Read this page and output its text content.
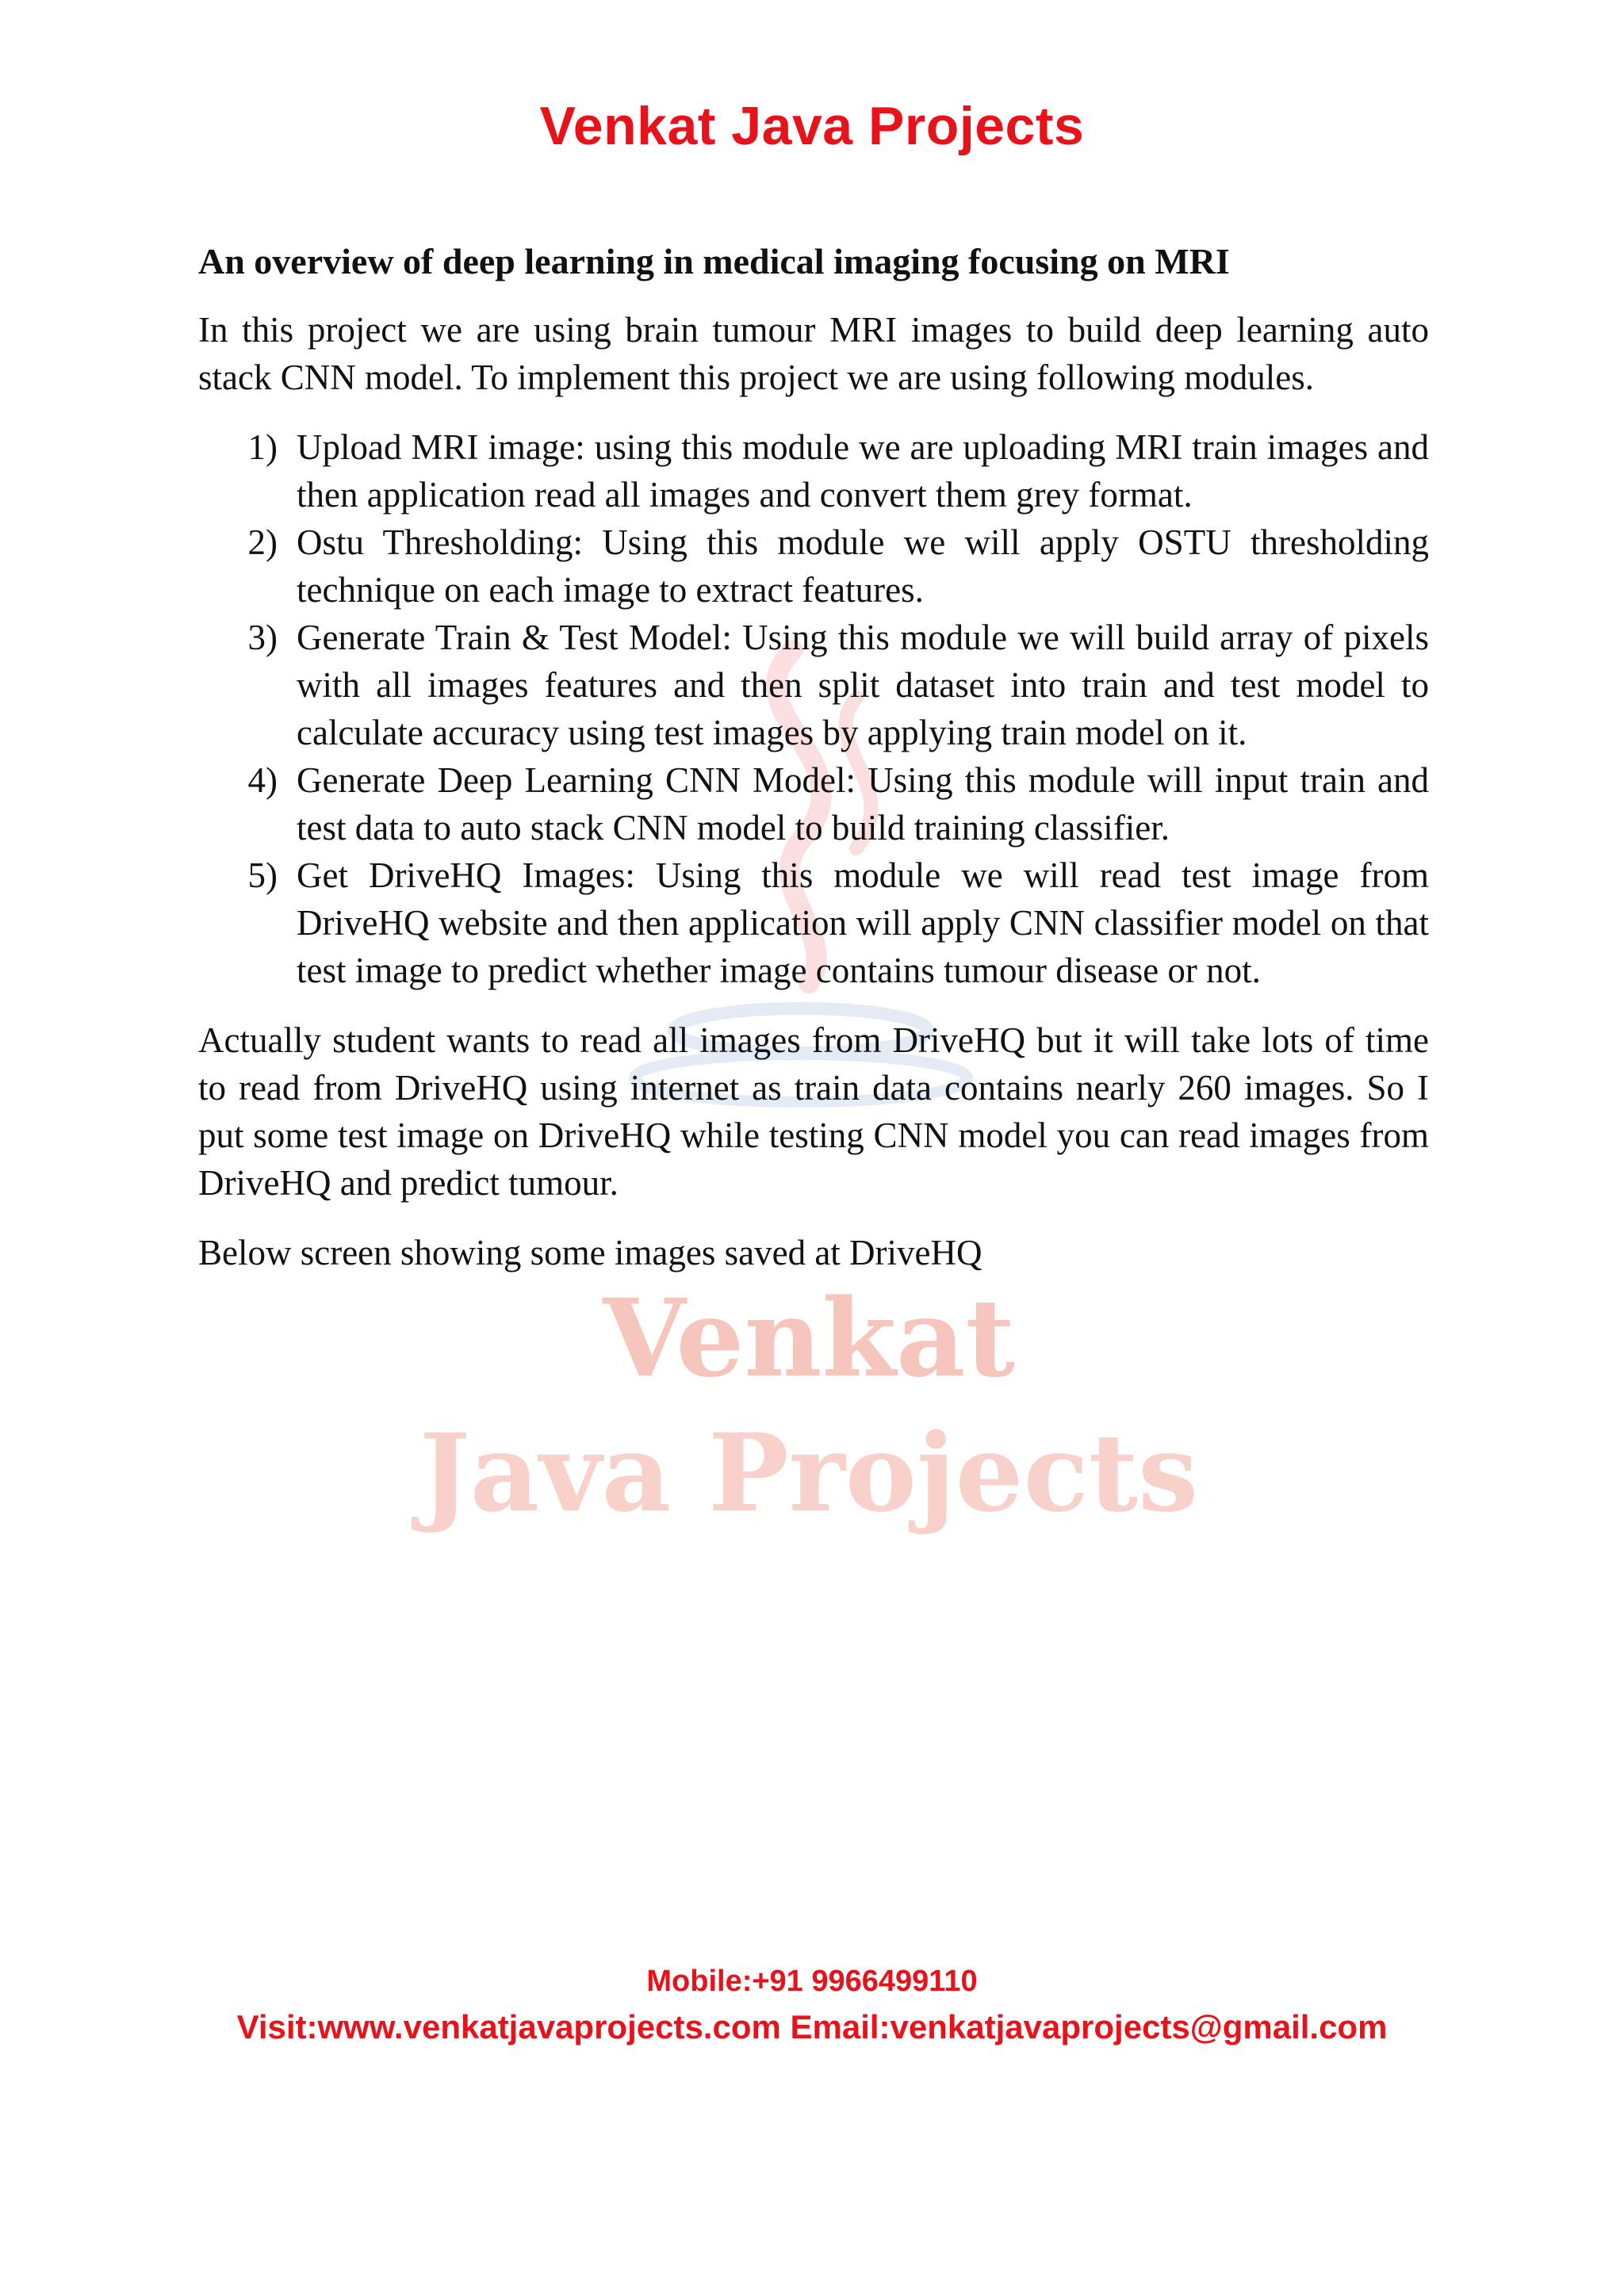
Venkat
Java Projects
Venkat Java Projects
An overview of deep learning in medical imaging focusing on MRI

In this project we are using brain tumour MRI images to build deep learning auto stack CNN model. To implement this project we are using following modules.

1) Upload MRI image: using this module we are uploading MRI train images and then application read all images and convert them grey format.
2) Ostu Thresholding: Using this module we will apply OSTU thresholding technique on each image to extract features.
3) Generate Train & Test Model: Using this module we will build array of pixels with all images features and then split dataset into train and test model to calculate accuracy using test images by applying train model on it.
4) Generate Deep Learning CNN Model: Using this module will input train and test data to auto stack CNN model to build training classifier.
5) Get DriveHQ Images: Using this module we will read test image from DriveHQ website and then application will apply CNN classifier model on that test image to predict whether image contains tumour disease or not.

Actually student wants to read all images from DriveHQ but it will take lots of time to read from DriveHQ using internet as train data contains nearly 260 images. So I put some test image on DriveHQ while testing CNN model you can read images from DriveHQ and predict tumour.

Below screen showing some images saved at DriveHQ

Mobile:+91 9966499110
Visit:www.venkatjavaprojects.com Email:venkatjavaprojects@gmail.com
